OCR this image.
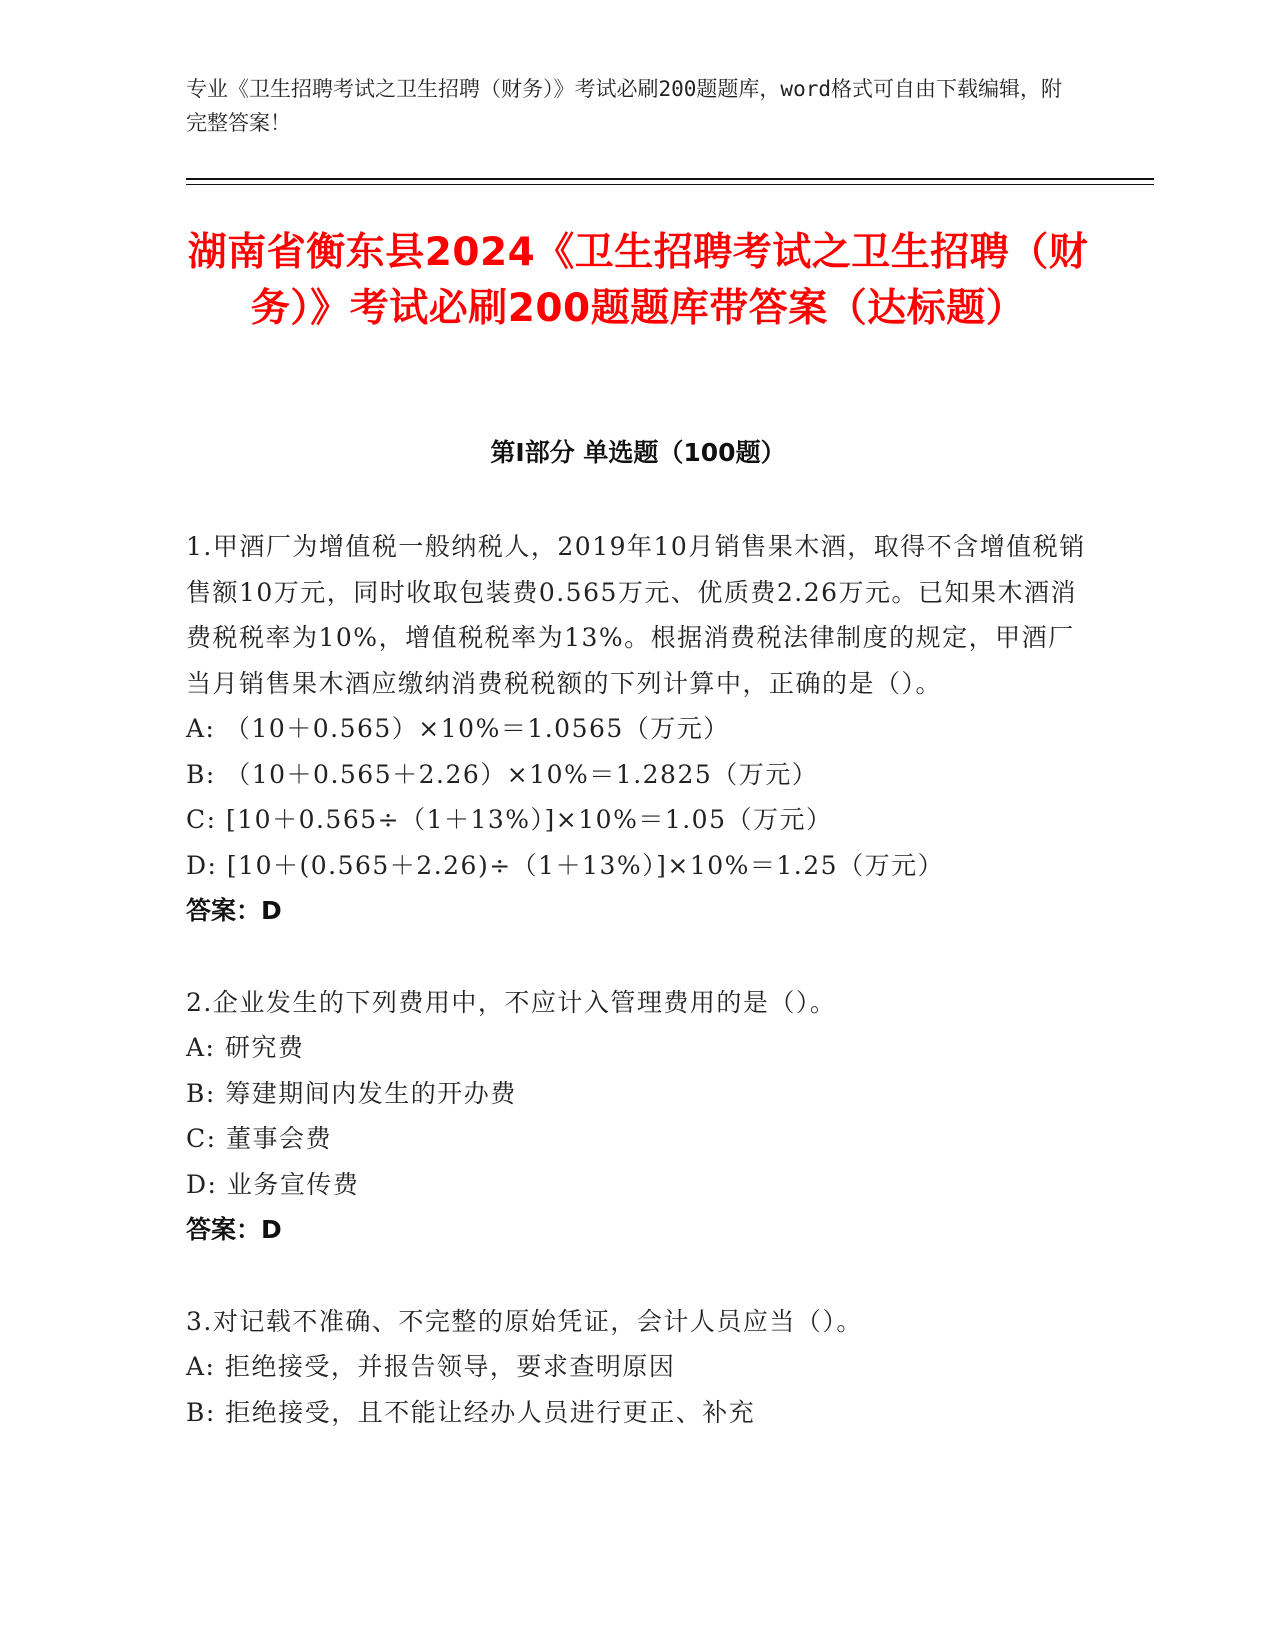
专业《卫生招聘考试之卫生招聘（财务）》考试必刷200题题库，word格式可自由下载编辑，附完整答案！
湖南省衡东县2024《卫生招聘考试之卫生招聘（财务）》考试必刷200题题库带答案（达标题）
第I部分 单选题（100题）
1.甲酒厂为增值税一般纳税人，2019年10月销售果木酒，取得不含增值税销售额10万元，同时收取包装费0.565万元、优质费2.26万元。已知果木酒消费税税率为10%，增值税税率为13%。根据消费税法律制度的规定，甲酒厂当月销售果木酒应缴纳消费税税额的下列计算中，正确的是（）。
A: （10＋0.565）×10%＝1.0565（万元）
B: （10＋0.565＋2.26）×10%＝1.2825（万元）
C: [10＋0.565÷（1＋13%）]×10%＝1.05（万元）
D: [10＋(0.565＋2.26)÷（1＋13%）]×10%＝1.25（万元）
答案：D
2.企业发生的下列费用中，不应计入管理费用的是（）。
A: 研究费
B: 筹建期间内发生的开办费
C: 董事会费
D: 业务宣传费
答案：D
3.对记载不准确、不完整的原始凭证，会计人员应当（）。
A: 拒绝接受，并报告领导，要求查明原因
B: 拒绝接受，且不能让经办人员进行更正、补充
